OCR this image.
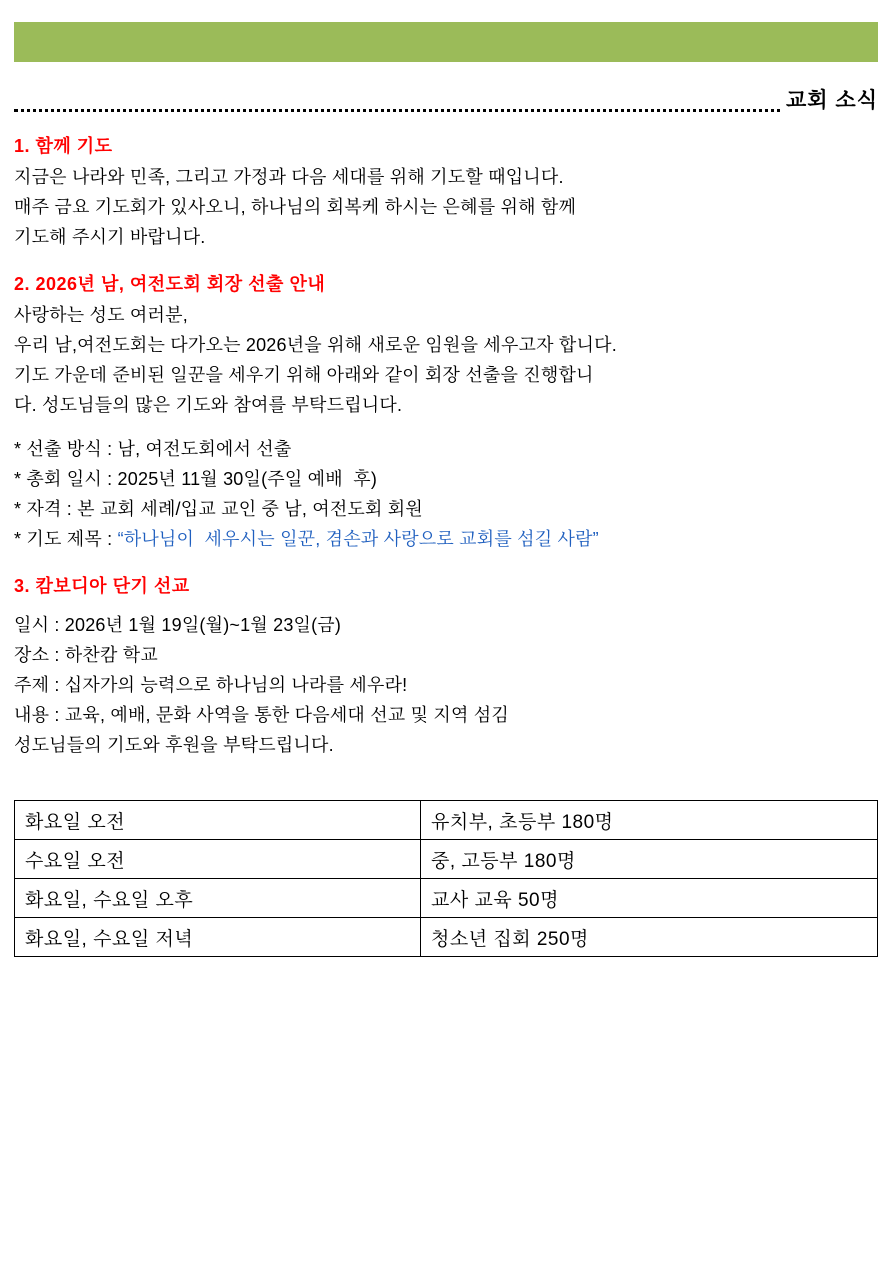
교회 소식
1. 함께 기도
지금은 나라와 민족, 그리고 가정과 다음 세대를 위해 기도할 때입니다.
매주 금요 기도회가 있사오니, 하나님의 회복케 하시는 은혜를 위해 함께
기도해 주시기 바랍니다.
2. 2026년 남, 여전도회 회장 선출 안내
사랑하는 성도 여러분,
우리 남,여전도회는 다가오는 2026년을 위해 새로운 임원을 세우고자 합니다.
기도 가운데 준비된 일꾼을 세우기 위해 아래와 같이 회장 선출을 진행합니
다. 성도님들의 많은 기도와 참여를 부탁드립니다.
* 선출 방식 : 남, 여전도회에서 선출
* 총회 일시 : 2025년 11월 30일(주일 예배  후)
* 자격 : 본 교회 세례/입교 교인 중 남, 여전도회 회원
* 기도 제목 : “하나님이  세우시는 일꾼, 겸손과 사랑으로 교회를 섬길 사람”
3. 캄보디아 단기 선교
일시 : 2026년 1월 19일(월)~1월 23일(금)
장소 : 하찬캄 학교
주제 : 십자가의 능력으로 하나님의 나라를 세우라!
내용 : 교육, 예배, 문화 사역을 통한 다음세대 선교 및 지역 섬김
성도님들의 기도와 후원을 부탁드립니다.
화요일 오전	유치부, 초등부 180명
수요일 오전	중, 고등부 180명
화요일, 수요일 오후	교사 교육 50명
화요일, 수요일 저녁	청소년 집회 250명
